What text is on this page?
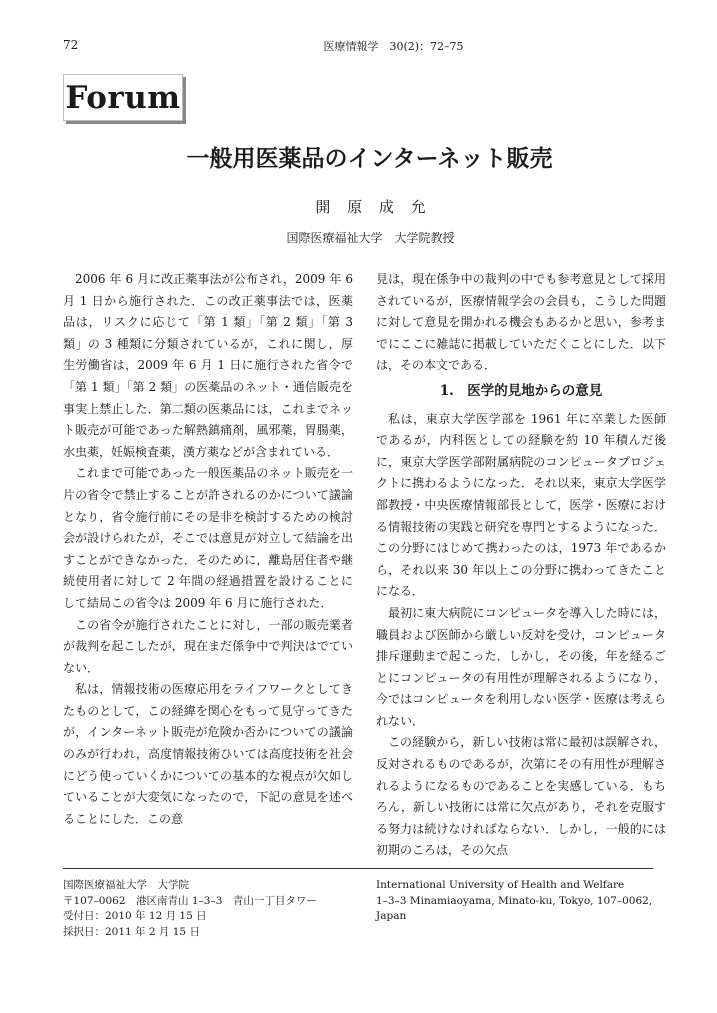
72	医療情報学　30(2)：72–75
Forum
一般用医薬品のインターネット販売
開 原 成 允
国際医療福祉大学　大学院教授

2006 年 6 月に改正薬事法が公布され，2009 年 6 月 1 日から施行された．この改正薬事法では，医薬品は，リスクに応じて「第 1 類」「第 2 類」「第 3 類」の 3 種類に分類されているが，これに関し，厚生労働省は，2009 年 6 月 1 日に施行された省令で「第 1 類」「第 2 類」の医薬品のネット・通信販売を事実上禁止した．第二類の医薬品には，これまでネット販売が可能であった解熱鎮痛剤，風邪薬，胃腸薬，水虫薬，妊娠検査薬，漢方薬などが含まれている．

これまで可能であった一般医薬品のネット販売を一片の省令で禁止することが許されるのかについて議論となり，省令施行前にその是非を検討するための検討会が設けられたが，そこでは意見が対立して結論を出すことができなかった．そのために，離島居住者や継続使用者に対して 2 年間の経過措置を設けることにして結局この省令は 2009 年 6 月に施行された．

この省令が施行されたことに対し，一部の販売業者が裁判を起こしたが，現在まだ係争中で判決はでていない．

私は，情報技術の医療応用をライフワークとしてきたものとして，この経緯を関心をもって見守ってきたが，インターネット販売が危険か否かについての議論のみが行われ，高度情報技術ひいては高度技術を社会にどう使っていくかについての基本的な視点が欠如していることが大変気になったので，下記の意見を述べることにした．この意

見は，現在係争中の裁判の中でも参考意見として採用されているが，医療情報学会の会員も，こうした問題に対して意見を開かれる機会もあるかと思い，参考までにここに雑誌に掲載していただくことにした．以下は，その本文である．

1.　医学的見地からの意見

私は，東京大学医学部を 1961 年に卒業した医師であるが，内科医としての経験を約 10 年積んだ後に，東京大学医学部附属病院のコンピュータプロジェクトに携わるようになった．それ以来，東京大学医学部教授・中央医療情報部長として，医学・医療における情報技術の実践と研究を専門とするようになった．この分野にはじめて携わったのは，1973 年であるから，それ以来 30 年以上この分野に携わってきたことになる．

最初に東大病院にコンピュータを導入した時には，職員および医師から厳しい反対を受け，コンピュータ排斥運動まで起こった．しかし，その後，年を経るごとにコンピュータの有用性が理解されるようになり，今ではコンピュータを利用しない医学・医療は考えられない．

この経験から，新しい技術は常に最初は誤解され，反対されるものであるが，次第にその有用性が理解されるようになるものであることを実感している．もちろん，新しい技術には常に欠点があり，それを克服する努力は続けなければならない．しかし，一般的には初期のころは，その欠点

国際医療福祉大学　大学院
〒107–0062　港区南青山 1–3–3　青山一丁目タワー
受付日：2010 年 12 月 15 日
採択日：2011 年 2 月 15 日
International University of Health and Welfare
1–3–3 Minamiaoyama, Minato-ku, Tokyo, 107–0062,
Japan
